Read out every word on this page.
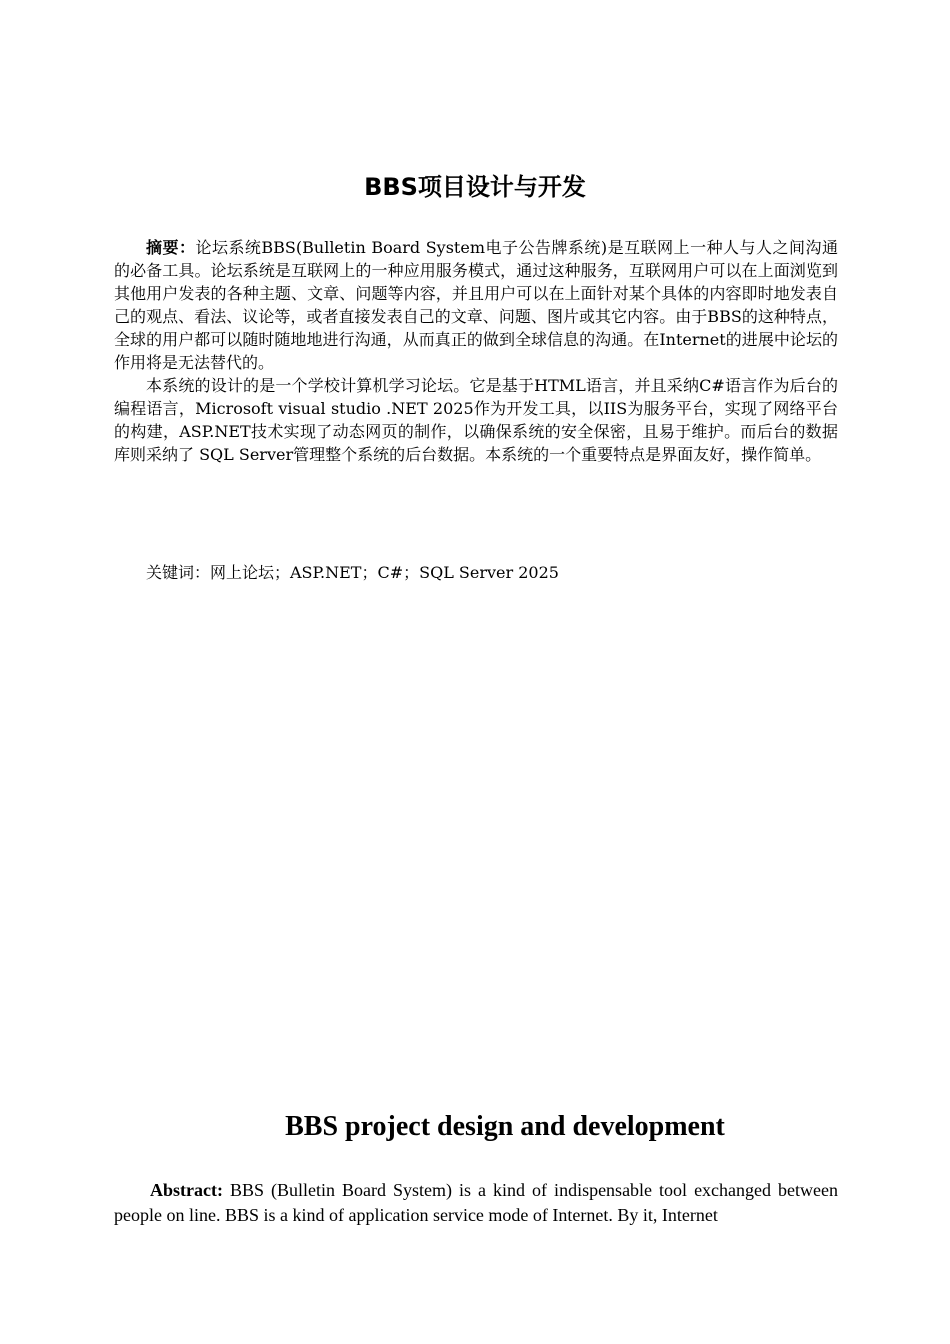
BBS项目设计与开发

摘要：论坛系统BBS(Bulletin Board System电子公告牌系统)是互联网上一种人与人之间沟通的必备工具。论坛系统是互联网上的一种应用服务模式，通过这种服务，互联网用户可以在上面浏览到其他用户发表的各种主题、文章、问题等内容，并且用户可以在上面针对某个具体的内容即时地发表自己的观点、看法、议论等，或者直接发表自己的文章、问题、图片或其它内容。由于BBS的这种特点，全球的用户都可以随时随地地进行沟通，从而真正的做到全球信息的沟通。在Internet的进展中论坛的作用将是无法替代的。

本系统的设计的是一个学校计算机学习论坛。它是基于HTML语言，并且采纳C#语言作为后台的编程语言，Microsoft visual studio .NET 2025作为开发工具，以IIS为服务平台，实现了网络平台的构建，ASP.NET技术实现了动态网页的制作，以确保系统的安全保密，且易于维护。而后台的数据库则采纳了 SQL Server管理整个系统的后台数据。本系统的一个重要特点是界面友好，操作简单。

关键词：网上论坛；ASP.NET；C#；SQL Server 2025

BBS project design and development

Abstract: BBS (Bulletin Board System) is a kind of indispensable tool exchanged between people on line. BBS is a kind of application service mode of Internet. By it, Internet
